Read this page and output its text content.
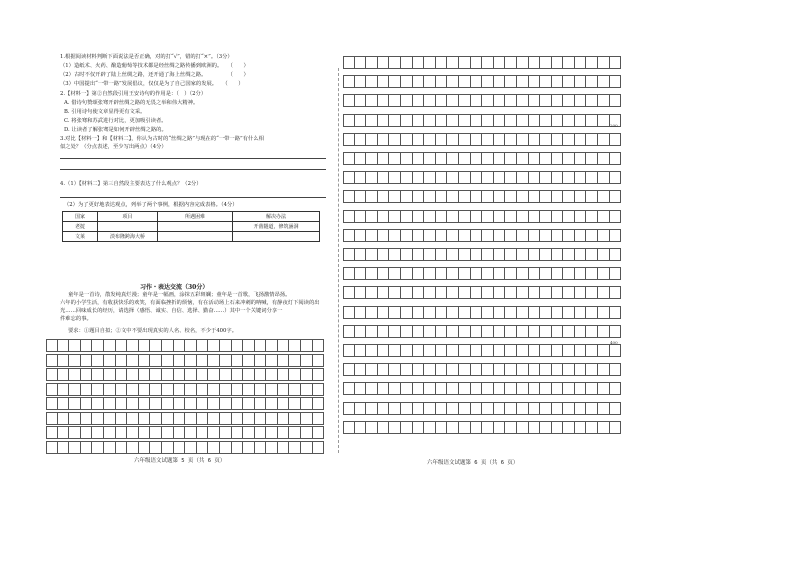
1.根据阅读材料判断下面说法是否正确，对的打“√”，错的打“×”。（3分）
（1）造纸术、火药、酿造葡萄等技术都是经丝绸之路传播到欧洲的。　　（　　）
（2）古时不仅开辟了陆上丝绸之路，还开通了海上丝绸之路。　　　　　（　　）
（3）中国提出“一带一路”发展倡议，仅仅是为了自己国家的发展。　　（　　）
2.【材料一】第②自然段引用王安诗句的作用是：（　）（2分）
A. 借诗句赞颂张骞开辟丝绸之路的无畏之举和伟大精神。
B. 引用诗句使文章显得更有文采。
C. 将张骞和苏武进行对比，更加吸引读者。
D. 让读者了解张骞是如何开辟丝绸之路的。
3.对比【材料一】和【材料二】，你认为古时的“丝绸之路”与现在的“一带一路”有什么相
似之处？（分点表述，至少写出两点）（4分）
4.（1）【材料二】第三自然段主要表达了什么观点？（2分）
（2）为了更好地表达观点，列举了两个事例，根据内容完成表格。（4分）
国家	项目	所遇困难	解决办法
老挝			开凿隧道，修筑涵洞
文莱	淡布隆跨海大桥		
习作・表达交流（30分）
童年是一首诗，散发纯真烂漫；童年是一幅画，涂抹五彩斑斓；童年是一首歌，飞扬激情昂扬。
六年的小学生活，有收获快乐的欢笑，有面临挫折的烦恼，有在活动场上石来冲刺的呐喊，有静夜灯下阅读的出
光……回味成长的经历，请选择（感悟、诚实、自信、选择、勤奋……）其中一个关键词分享一
件难忘的事。
要求：①题目自拟；②文中不要出现真实的人名、校名，不少于400字。
六年级语文试题第 5 页（共 6 页）
200
400
六年级语文试题第 6 页（共 6 页）
